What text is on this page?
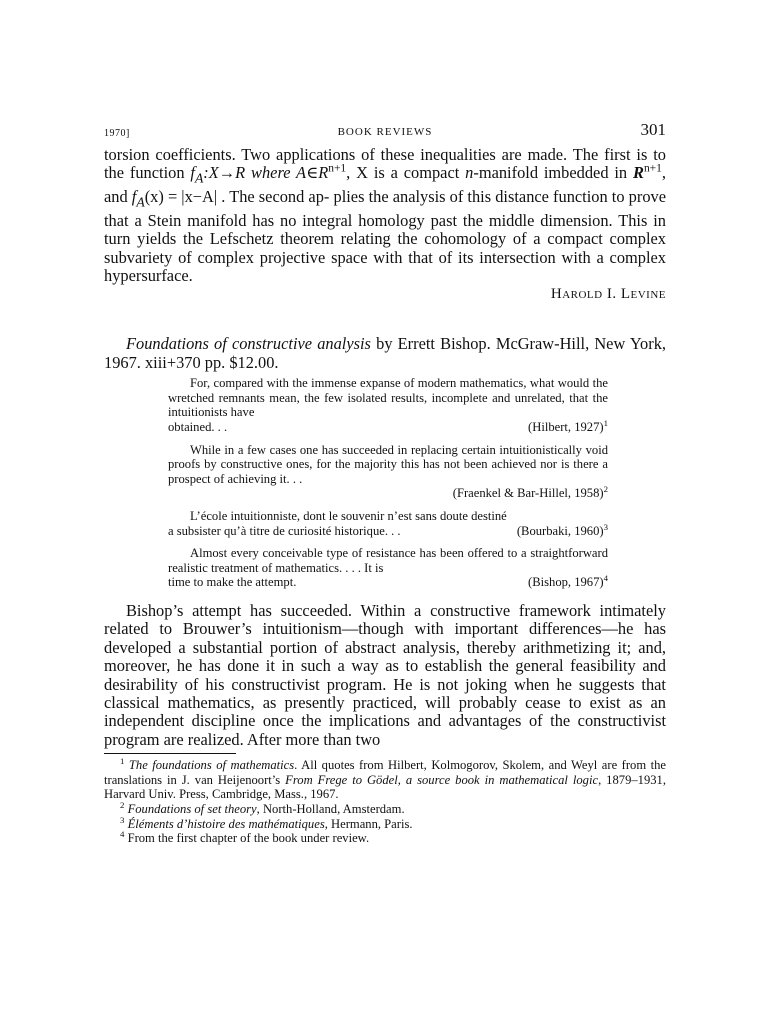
1970]	BOOK REVIEWS	301

torsion coefficients. Two applications of these inequalities are made. The first is to the function $f_A:X\to R$ where $A\in R^{n+1}$, X is a compact n-manifold imbedded in $R^{n+1}$, and $f_A(x) = |x-A|$ . The second ap- plies the analysis of this distance function to prove that a Stein manifold has no integral homology past the middle dimension. This in turn yields the Lefschetz theorem relating the cohomology of a compact complex subvariety of complex projective space with that of its intersection with a complex hypersurface.

Harold I. Levine

Foundations of constructive analysis by Errett Bishop. McGraw-Hill, New York, 1967. xiii+370 pp. $12.00.

For, compared with the immense expanse of modern mathematics, what would the wretched remnants mean, the few isolated results, incomplete and unrelated, that the intuitionists have

obtained. . .	(Hilbert, 1927)$^1$

While in a few cases one has succeeded in replacing certain intuitionistically void proofs by constructive ones, for the majority this has not been achieved nor is there a prospect of achieving it. . .

(Fraenkel & Bar-Hillel, 1958)$^2$

L’école intuitionniste, dont le souvenir n’est sans doute destiné

a subsister qu’à titre de curiosité historique. . .	(Bourbaki, 1960)$^3$

Almost every conceivable type of resistance has been offered to a straightforward realistic treatment of mathematics. . . . It is

time to make the attempt.	(Bishop, 1967)$^4$

Bishop’s attempt has succeeded. Within a constructive framework intimately related to Brouwer’s intuitionism—though with important differences—he has developed a substantial portion of abstract analysis, thereby arithmetizing it; and, moreover, he has done it in such a way as to establish the general feasibility and desirability of his constructivist program. He is not joking when he suggests that classical mathematics, as presently practiced, will probably cease to exist as an independent discipline once the implications and advantages of the constructivist program are realized. After more than two

$^1$ The foundations of mathematics. All quotes from Hilbert, Kolmogorov, Skolem, and Weyl are from the translations in J. van Heijenoort’s From Frege to Gödel, a source book in mathematical logic, 1879–1931, Harvard Univ. Press, Cambridge, Mass., 1967.

$^2$ Foundations of set theory, North-Holland, Amsterdam.

$^3$ Éléments d’histoire des mathématiques, Hermann, Paris.

$^4$ From the first chapter of the book under review.
